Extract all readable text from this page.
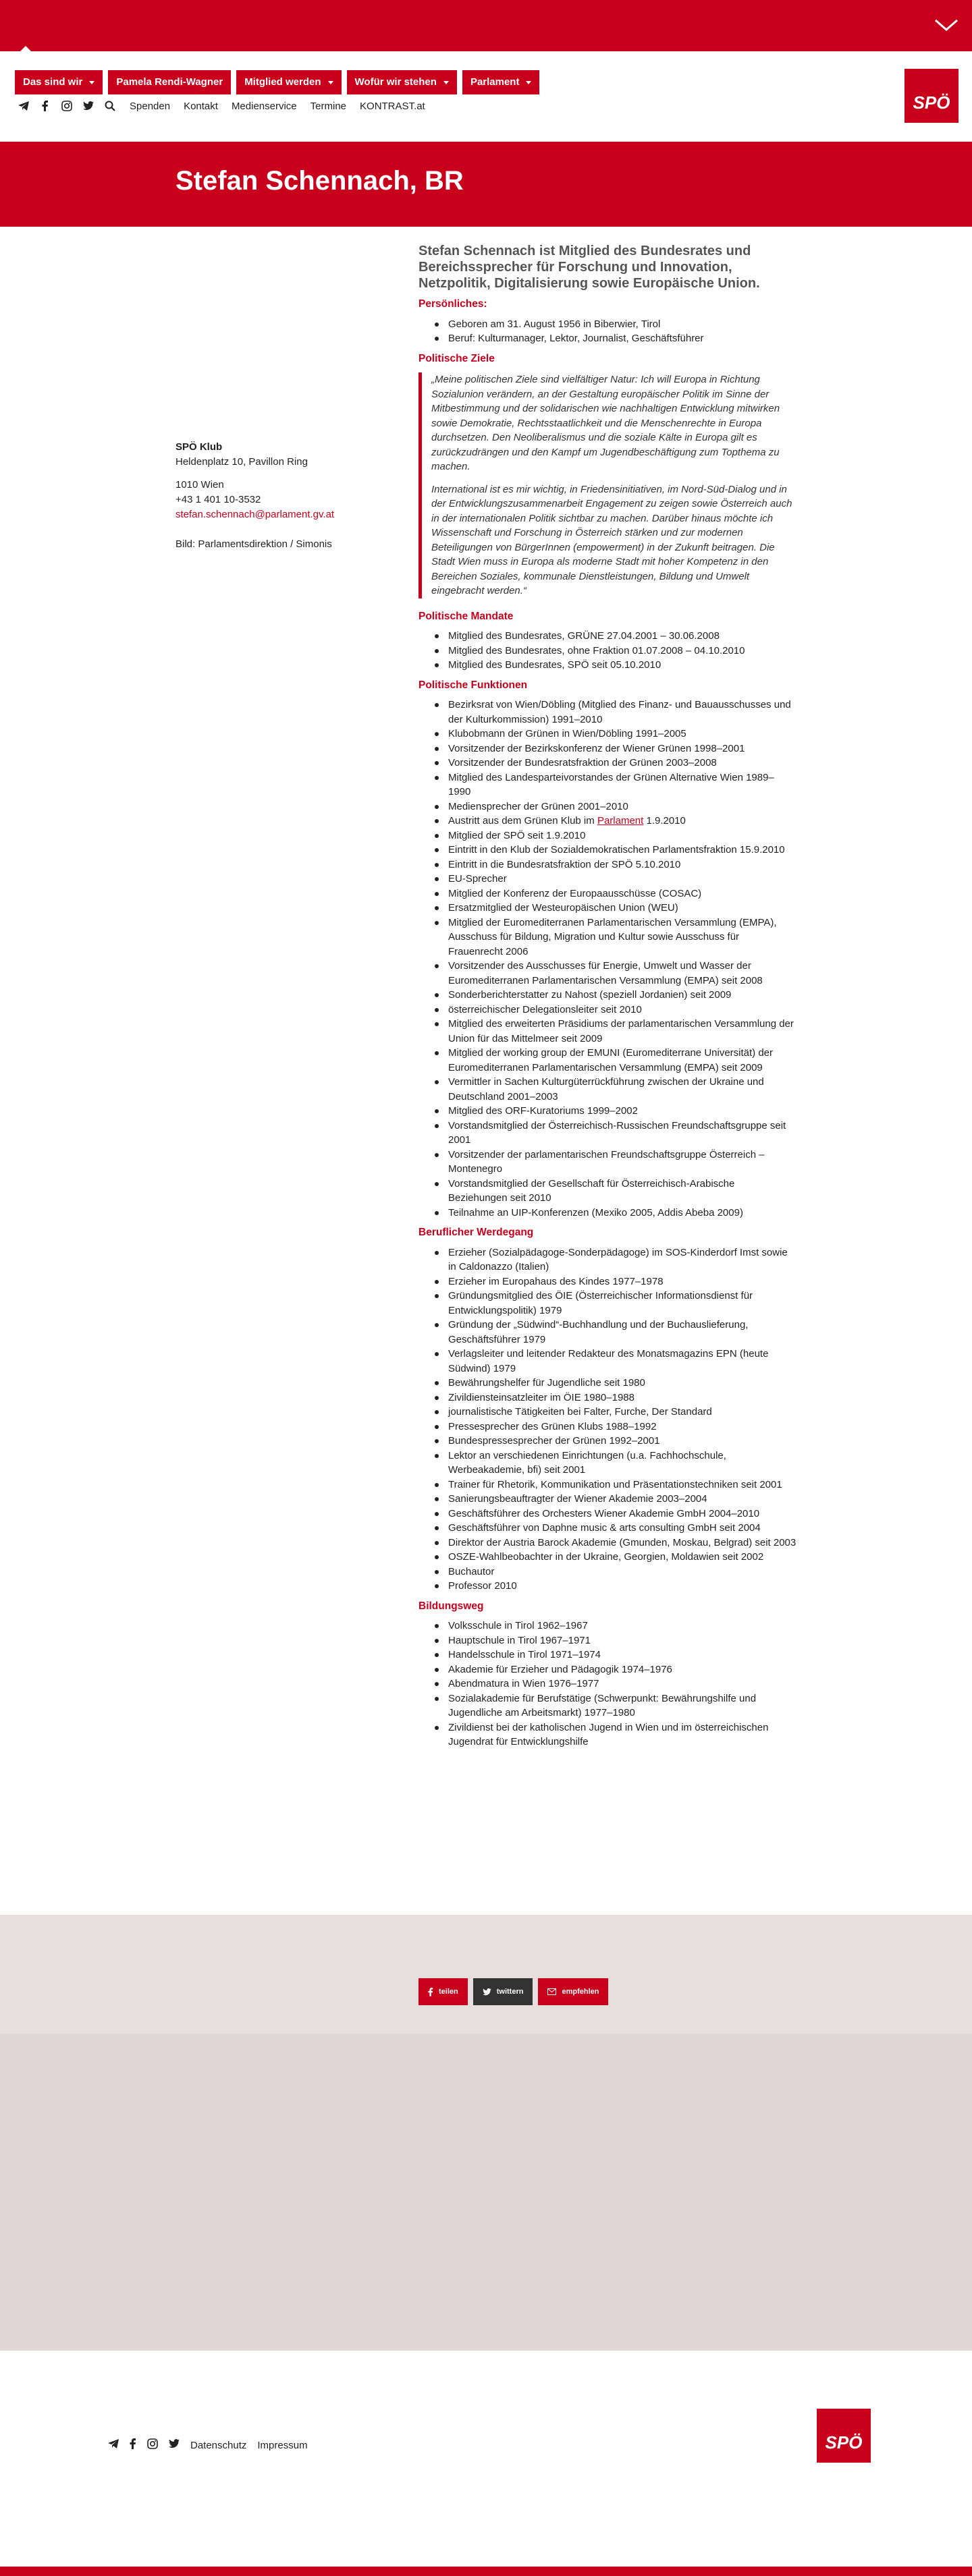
Das sind wir	Pamela Rendi-Wagner Mitglied werden	Wofür wir stehen	Parlament
Spenden Kontakt Medienservice Termine KONTRAST.at	SPÖ
Stefan Schennach, BR
SPÖ Klub
Heldenplatz 10, Pavillon Ring
1010 Wien
+43 1 401 10-3532
stefan.schennach@parlament.gv.at
Bild: Parlamentsdirektion / Simonis
Stefan Schennach ist Mitglied des Bundesrates und Bereichssprecher für Forschung und Innovation, Netzpolitik, Digitalisierung sowie Europäische Union.
Persönliches:
Geboren am 31. August 1956 in Biberwier, Tirol
Beruf: Kulturmanager, Lektor, Journalist, Geschäftsführer
Politische Ziele

„Meine politischen Ziele sind vielfältiger Natur: Ich will Europa in Richtung Sozialunion verändern, an der Gestaltung europäischer Politik im Sinne der Mitbestimmung und der solidarischen wie nachhaltigen Entwicklung mitwirken sowie Demokratie, Rechtsstaatlichkeit und die Menschenrechte in Europa durchsetzen. Den Neoliberalismus und die soziale Kälte in Europa gilt es zurückzudrängen und den Kampf um Jugendbeschäftigung zum Topthema zu machen.

International ist es mir wichtig, in Friedensinitiativen, im Nord-Süd-Dialog und in der Entwicklungszusammenarbeit Engagement zu zeigen sowie Österreich auch in der internationalen Politik sichtbar zu machen. Darüber hinaus möchte ich Wissenschaft und Forschung in Österreich stärken und zur modernen Beteiligungen von BürgerInnen (empowerment) in der Zukunft beitragen. Die Stadt Wien muss in Europa als moderne Stadt mit hoher Kompetenz in den Bereichen Soziales, kommunale Dienstleistungen, Bildung und Umwelt eingebracht werden.“

Politische Mandate
Mitglied des Bundesrates, GRÜNE 27.04.2001 – 30.06.2008
Mitglied des Bundesrates, ohne Fraktion 01.07.2008 – 04.10.2010
Mitglied des Bundesrates, SPÖ seit 05.10.2010
Politische Funktionen
Bezirksrat von Wien/Döbling (Mitglied des Finanz- und Bauausschusses und der Kulturkommission) 1991–2010
Klubobmann der Grünen in Wien/Döbling 1991–2005
Vorsitzender der Bezirkskonferenz der Wiener Grünen 1998–2001
Vorsitzender der Bundesratsfraktion der Grünen 2003–2008
Mitglied des Landesparteivorstandes der Grünen Alternative Wien 1989–1990
Mediensprecher der Grünen 2001–2010
Austritt aus dem Grünen Klub im Parlament 1.9.2010
Mitglied der SPÖ seit 1.9.2010
Eintritt in den Klub der Sozialdemokratischen Parlamentsfraktion 15.9.2010
Eintritt in die Bundesratsfraktion der SPÖ 5.10.2010
EU-Sprecher
Mitglied der Konferenz der Europaausschüsse (COSAC)
Ersatzmitglied der Westeuropäischen Union (WEU)
Mitglied der Euromediterranen Parlamentarischen Versammlung (EMPA), Ausschuss für Bildung, Migration und Kultur sowie Ausschuss für Frauenrecht 2006
Vorsitzender des Ausschusses für Energie, Umwelt und Wasser der Euromediterranen Parlamentarischen Versammlung (EMPA) seit 2008
Sonderberichterstatter zu Nahost (speziell Jordanien) seit 2009
österreichischer Delegationsleiter seit 2010
Mitglied des erweiterten Präsidiums der parlamentarischen Versammlung der Union für das Mittelmeer seit 2009
Mitglied der working group der EMUNI (Euromediterrane Universität) der Euromediterranen Parlamentarischen Versammlung (EMPA) seit 2009
Vermittler in Sachen Kulturgüterrückführung zwischen der Ukraine und Deutschland 2001–2003
Mitglied des ORF-Kuratoriums 1999–2002
Vorstandsmitglied der Österreichisch-Russischen Freundschaftsgruppe seit 2001
Vorsitzender der parlamentarischen Freundschaftsgruppe Österreich – Montenegro
Vorstandsmitglied der Gesellschaft für Österreichisch-Arabische Beziehungen seit 2010
Teilnahme an UIP-Konferenzen (Mexiko 2005, Addis Abeba 2009)
Beruflicher Werdegang
Erzieher (Sozialpädagoge-Sonderpädagoge) im SOS-Kinderdorf Imst sowie in Caldonazzo (Italien)
Erzieher im Europahaus des Kindes 1977–1978
Gründungsmitglied des ÖIE (Österreichischer Informationsdienst für Entwicklungspolitik) 1979
Gründung der „Südwind“-Buchhandlung und der Buchauslieferung, Geschäftsführer 1979
Verlagsleiter und leitender Redakteur des Monatsmagazins EPN (heute Südwind) 1979
Bewährungshelfer für Jugendliche seit 1980
Zivildiensteinsatzleiter im ÖIE 1980–1988
journalistische Tätigkeiten bei Falter, Furche, Der Standard
Pressesprecher des Grünen Klubs 1988–1992
Bundespressesprecher der Grünen 1992–2001
Lektor an verschiedenen Einrichtungen (u.a. Fachhochschule, Werbeakademie, bfi) seit 2001
Trainer für Rhetorik, Kommunikation und Präsentationstechniken seit 2001
Sanierungsbeauftragter der Wiener Akademie 2003–2004
Geschäftsführer des Orchesters Wiener Akademie GmbH 2004–2010
Geschäftsführer von Daphne music & arts consulting GmbH seit 2004
Direktor der Austria Barock Akademie (Gmunden, Moskau, Belgrad) seit 2003
OSZE-Wahlbeobachter in der Ukraine, Georgien, Moldawien seit 2002
Buchautor
Professor 2010
Bildungsweg
Volksschule in Tirol 1962–1967
Hauptschule in Tirol 1967–1971
Handelsschule in Tirol 1971–1974
Akademie für Erzieher und Pädagogik 1974–1976
Abendmatura in Wien 1976–1977
Sozialakademie für Berufstätige (Schwerpunkt: Bewährungshilfe und Jugendliche am Arbeitsmarkt) 1977–1980
Zivildienst bei der katholischen Jugend in Wien und im österreichischen Jugendrat für Entwicklungshilfe
teilen	twittern	empfehlen
Datenschutz Impressum	SPÖ
